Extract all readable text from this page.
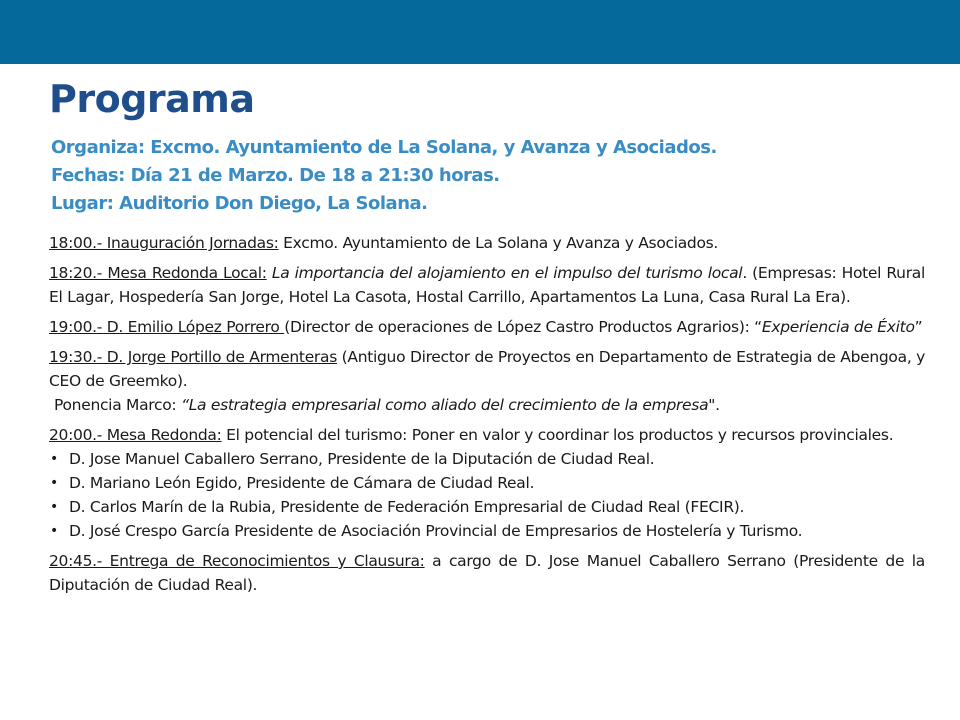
Programa
Organiza: Excmo. Ayuntamiento de La Solana, y Avanza y Asociados.
Fechas: Día 21 de Marzo. De 18 a 21:30 horas.
Lugar: Auditorio Don Diego, La Solana.

18:00.- Inauguración Jornadas: Excmo. Ayuntamiento de La Solana y Avanza y Asociados.

18:20.- Mesa Redonda Local: La importancia del alojamiento en el impulso del turismo local. (Empresas: Hotel Rural El Lagar, Hospedería San Jorge, Hotel La Casota, Hostal Carrillo, Apartamentos La Luna, Casa Rural La Era).

19:00.- D. Emilio López Porrero (Director de operaciones de López Castro Productos Agrarios): “Experiencia de Éxito”

19:30.- D. Jorge Portillo de Armenteras (Antiguo Director de Proyectos en Departamento de Estrategia de Abengoa, y CEO de Greemko).

Ponencia Marco: “La estrategia empresarial como aliado del crecimiento de la empresa".

20:00.- Mesa Redonda: El potencial del turismo: Poner en valor y coordinar los productos y recursos provinciales.

• D. Jose Manuel Caballero Serrano, Presidente de la Diputación de Ciudad Real.
• D. Mariano León Egido, Presidente de Cámara de Ciudad Real.
• D. Carlos Marín de la Rubia, Presidente de Federación Empresarial de Ciudad Real (FECIR).
• D. José Crespo García Presidente de Asociación Provincial de Empresarios de Hostelería y Turismo.

20:45.- Entrega de Reconocimientos y Clausura: a cargo de D. Jose Manuel Caballero Serrano (Presidente de la Diputación de Ciudad Real).
